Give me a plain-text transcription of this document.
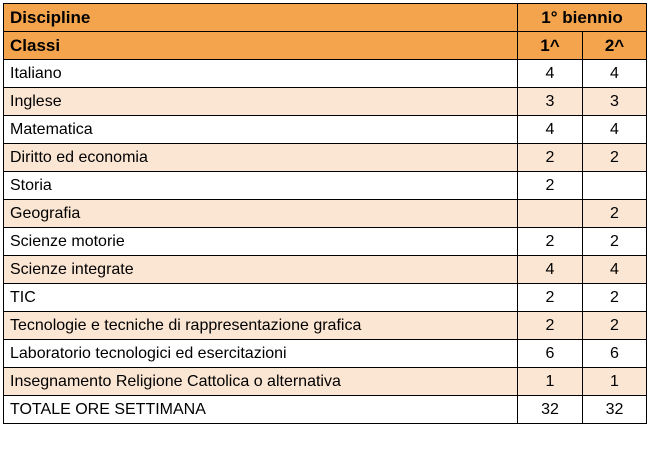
Discipline	1° biennio	
Classi	1^	2^
Italiano	4	4
Inglese	3	3
Matematica	4	4
Diritto ed economia	2	2
Storia	2	
Geografia		2
Scienze motorie	2	2
Scienze integrate	4	4
TIC	2	2
Tecnologie e tecniche di rappresentazione grafica	2	2
Laboratorio tecnologici ed esercitazioni	6	6
Insegnamento Religione Cattolica o alternativa	1	1
TOTALE ORE SETTIMANA	32	32
